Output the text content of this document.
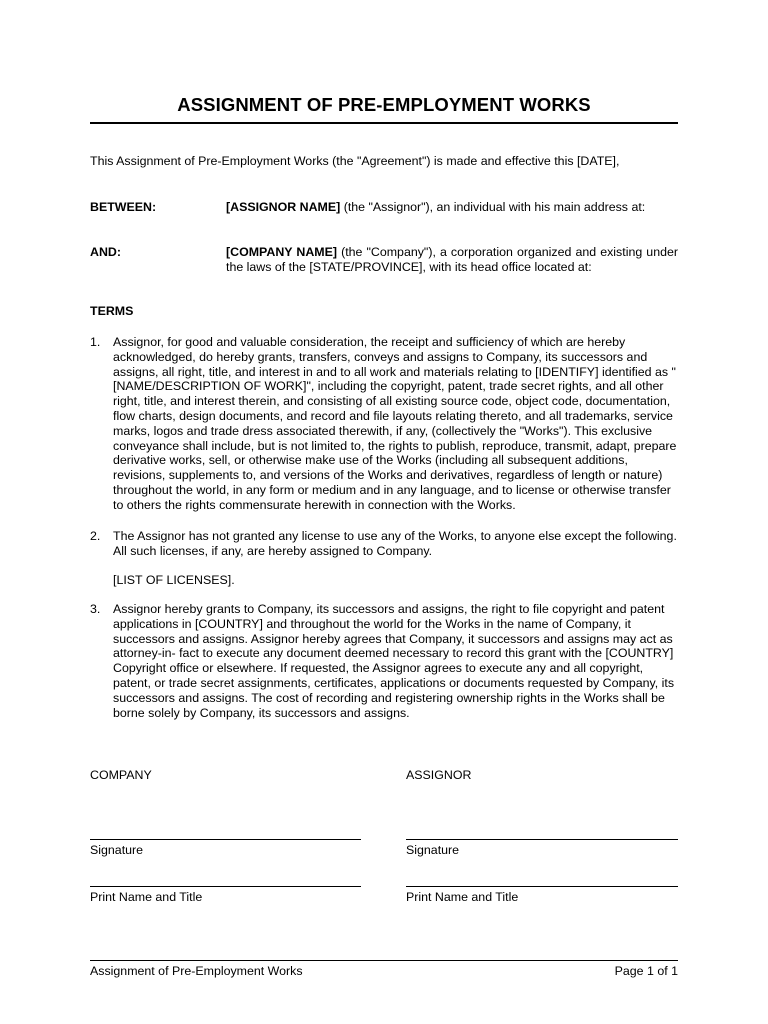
ASSIGNMENT OF PRE-EMPLOYMENT WORKS
This Assignment of Pre-Employment Works (the "Agreement") is made and effective this [DATE],
BETWEEN:	[ASSIGNOR NAME] (the "Assignor"), an individual with his main address at:
AND:	[COMPANY NAME] (the "Company"), a corporation organized and existing under the laws of the [STATE/PROVINCE], with its head office located at:
TERMS
1. Assignor, for good and valuable consideration, the receipt and sufficiency of which are hereby acknowledged, do hereby grants, transfers, conveys and assigns to Company, its successors and assigns, all right, title, and interest in and to all work and materials relating to [IDENTIFY] identified as "[NAME/DESCRIPTION OF WORK]", including the copyright, patent, trade secret rights, and all other right, title, and interest therein, and consisting of all existing source code, object code, documentation, flow charts, design documents, and record and file layouts relating thereto, and all trademarks, service marks, logos and trade dress associated therewith, if any, (collectively the "Works"). This exclusive conveyance shall include, but is not limited to, the rights to publish, reproduce, transmit, adapt, prepare derivative works, sell, or otherwise make use of the Works (including all subsequent additions, revisions, supplements to, and versions of the Works and derivatives, regardless of length or nature) throughout the world, in any form or medium and in any language, and to license or otherwise transfer to others the rights commensurate herewith in connection with the Works.
2. The Assignor has not granted any license to use any of the Works, to anyone else except the following. All such licenses, if any, are hereby assigned to Company.
[LIST OF LICENSES].
3. Assignor hereby grants to Company, its successors and assigns, the right to file copyright and patent applications in [COUNTRY] and throughout the world for the Works in the name of Company, it successors and assigns. Assignor hereby agrees that Company, it successors and assigns may act as attorney-in- fact to execute any document deemed necessary to record this grant with the [COUNTRY] Copyright office or elsewhere. If requested, the Assignor agrees to execute any and all copyright, patent, or trade secret assignments, certificates, applications or documents requested by Company, its successors and assigns. The cost of recording and registering ownership rights in the Works shall be borne solely by Company, its successors and assigns.
COMPANY	ASSIGNOR
Signature	Signature
Print Name and Title	Print Name and Title
Assignment of Pre-Employment Works	Page 1 of 1
